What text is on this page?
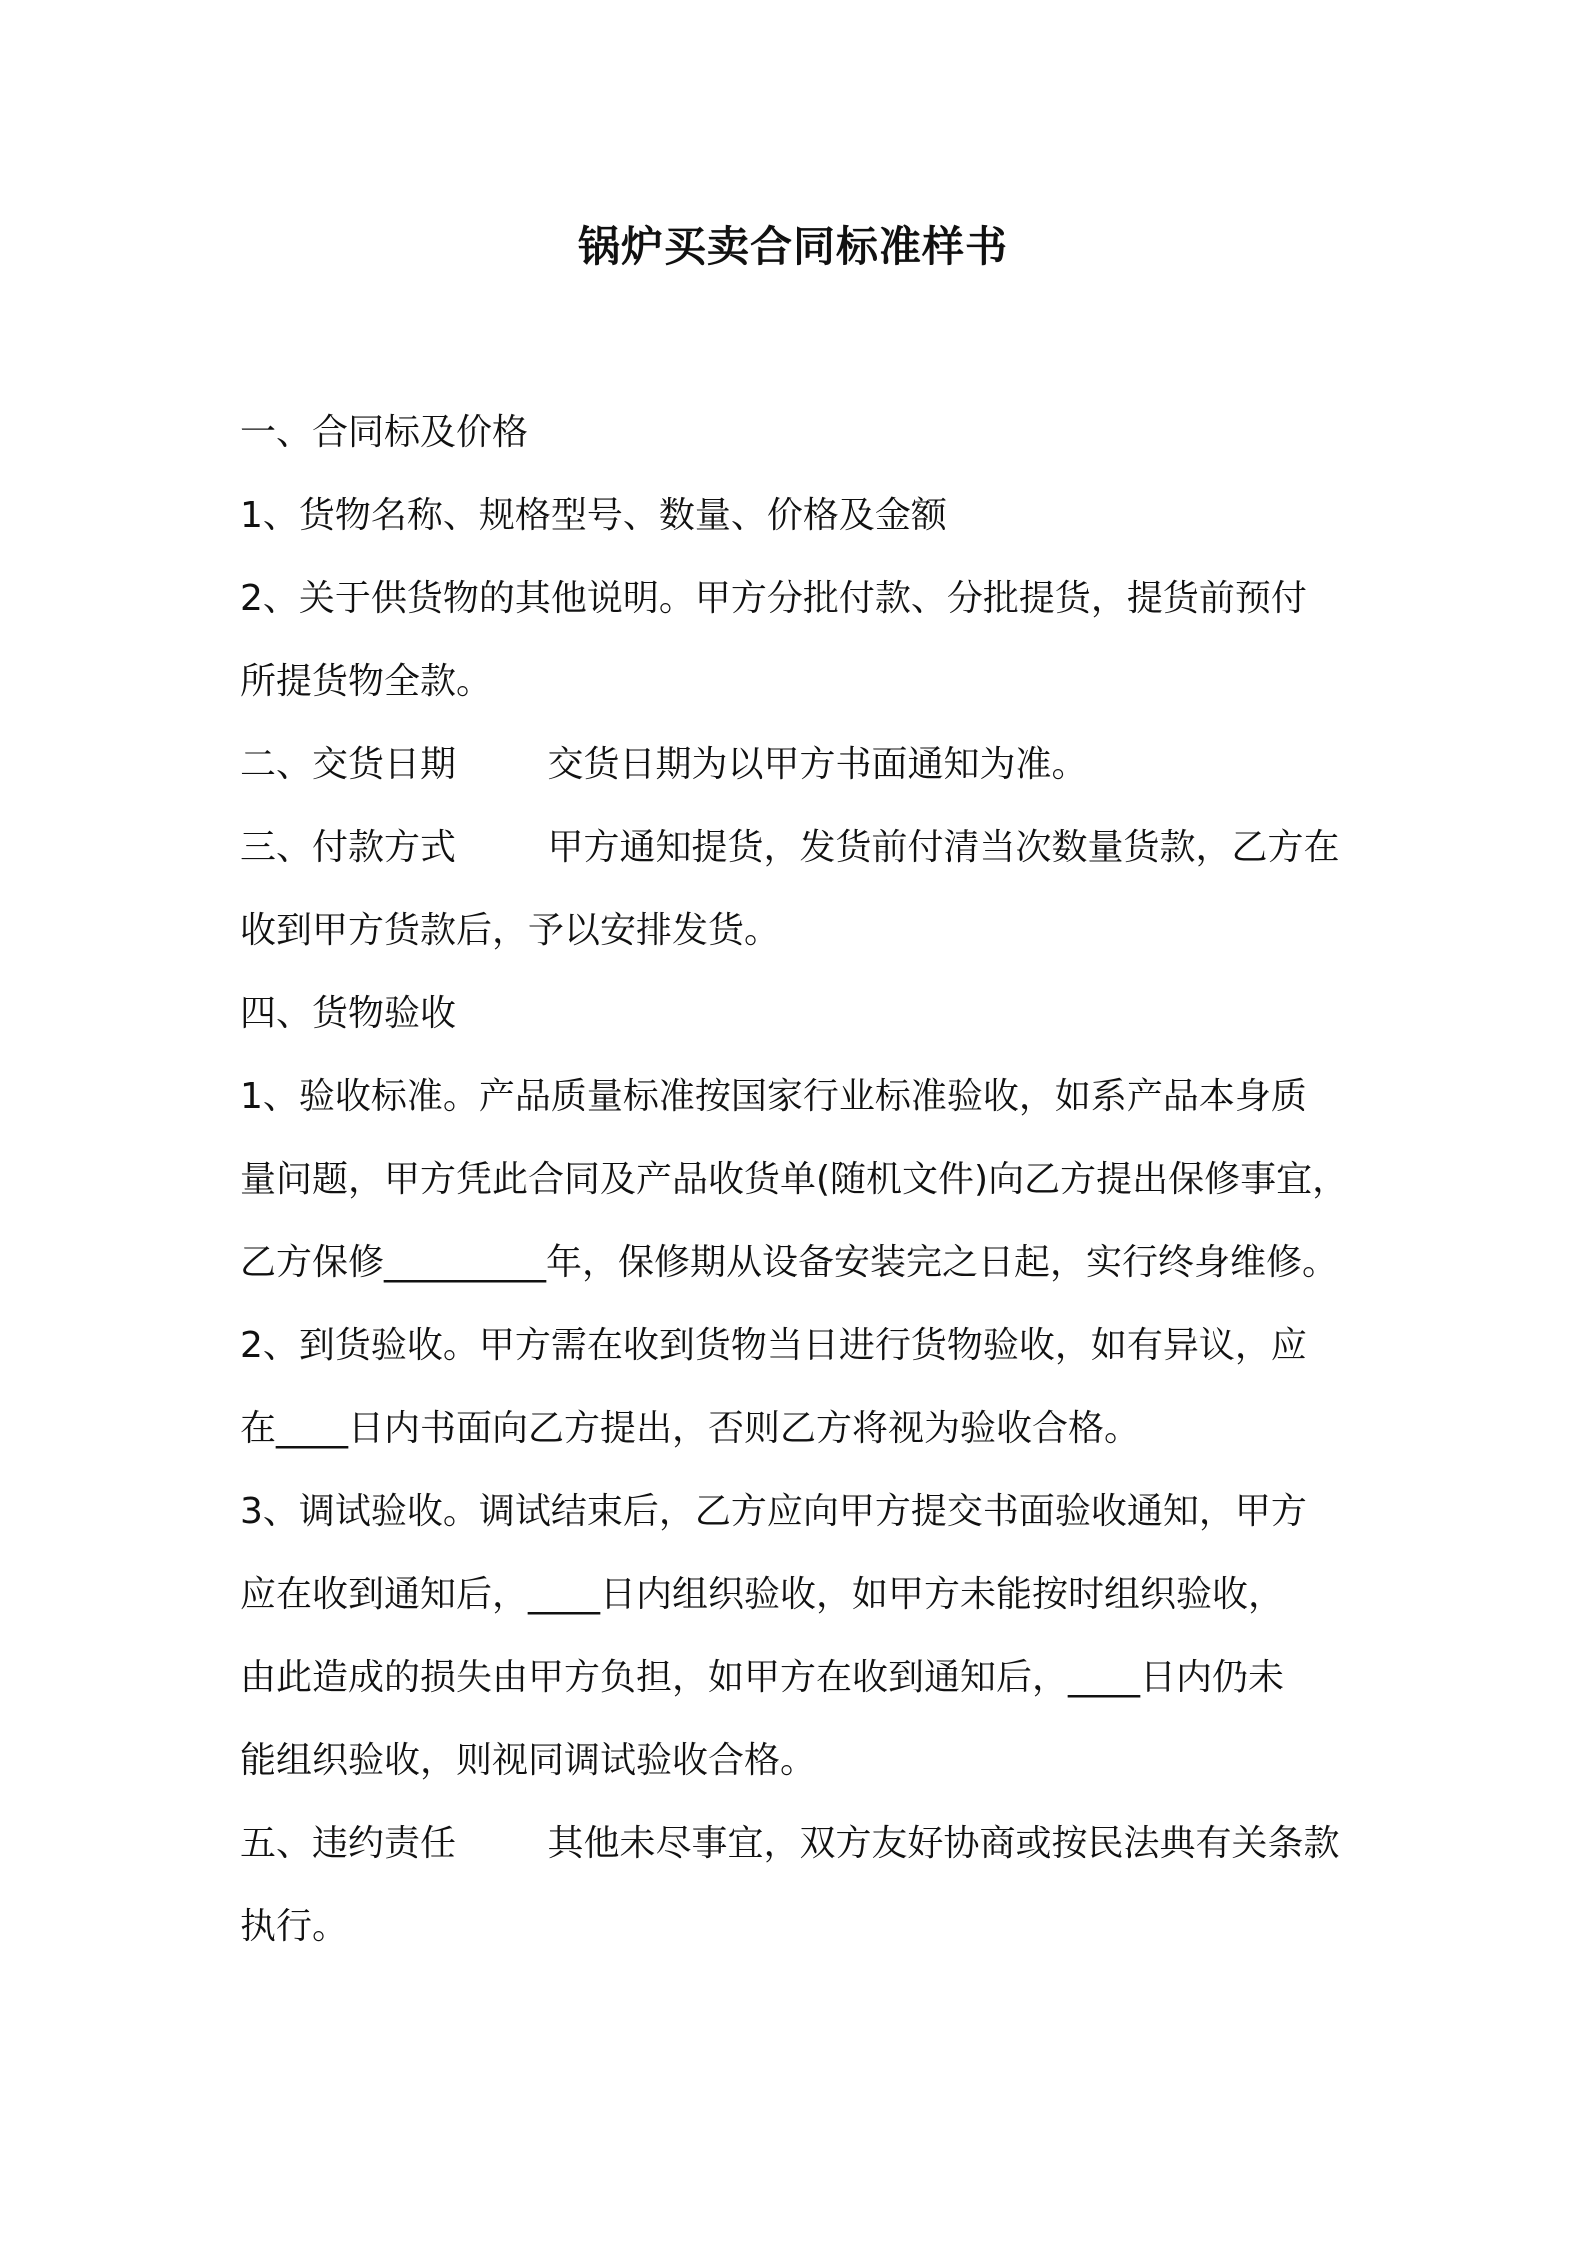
锅炉买卖合同标准样书

一、合同标及价格

1、货物名称、规格型号、数量、价格及金额

2、关于供货物的其他说明。甲方分批付款、分批提货，提货前预付

所提货物全款。

二、交货日期        交货日期为以甲方书面通知为准。

三、付款方式        甲方通知提货，发货前付清当次数量货款，乙方在

收到甲方货款后，予以安排发货。

四、货物验收

1、验收标准。产品质量标准按国家行业标准验收，如系产品本身质

量问题，甲方凭此合同及产品收货单(随机文件)向乙方提出保修事宜，

乙方保修_________年，保修期从设备安装完之日起，实行终身维修。

2、到货验收。甲方需在收到货物当日进行货物验收，如有异议，应

在____日内书面向乙方提出，否则乙方将视为验收合格。

3、调试验收。调试结束后，乙方应向甲方提交书面验收通知，甲方

应在收到通知后，____日内组织验收，如甲方未能按时组织验收，

由此造成的损失由甲方负担，如甲方在收到通知后，____日内仍未

能组织验收，则视同调试验收合格。

五、违约责任        其他未尽事宜，双方友好协商或按民法典有关条款

执行。
